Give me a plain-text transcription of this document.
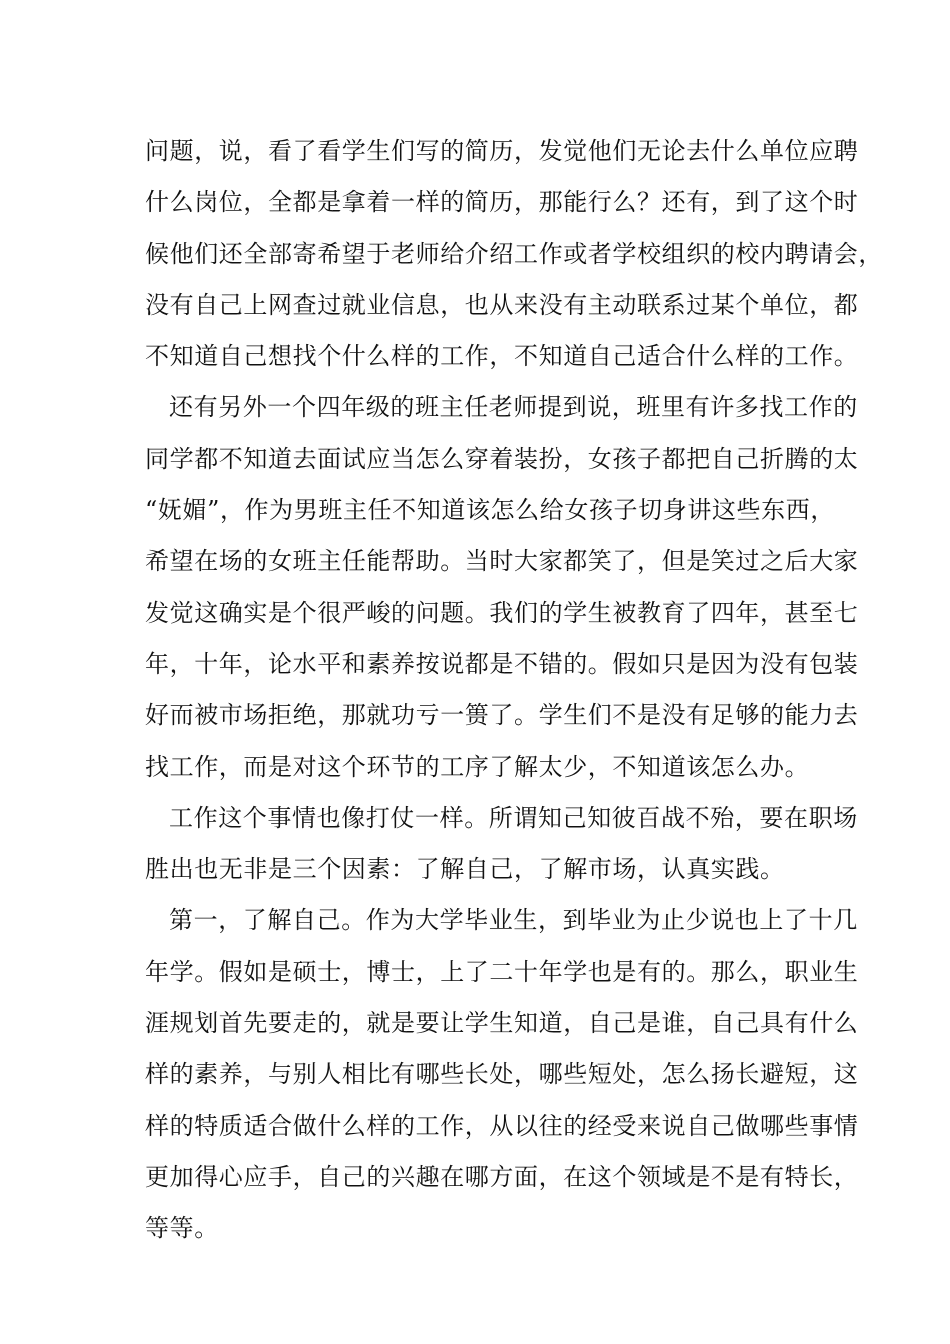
问题，说，看了看学生们写的简历，发觉他们无论去什么单位应聘
什么岗位，全都是拿着一样的简历，那能行么？还有，到了这个时
候他们还全部寄希望于老师给介绍工作或者学校组织的校内聘请会，
没有自己上网查过就业信息，也从来没有主动联系过某个单位，都
不知道自己想找个什么样的工作，不知道自己适合什么样的工作。
还有另外一个四年级的班主任老师提到说，班里有许多找工作的
同学都不知道去面试应当怎么穿着装扮，女孩子都把自己折腾的太
“妩媚”，作为男班主任不知道该怎么给女孩子切身讲这些东西，
希望在场的女班主任能帮助。当时大家都笑了，但是笑过之后大家
发觉这确实是个很严峻的问题。我们的学生被教育了四年，甚至七
年，十年，论水平和素养按说都是不错的。假如只是因为没有包装
好而被市场拒绝，那就功亏一篑了。学生们不是没有足够的能力去
找工作，而是对这个环节的工序了解太少，不知道该怎么办。
工作这个事情也像打仗一样。所谓知己知彼百战不殆，要在职场
胜出也无非是三个因素：了解自己，了解市场，认真实践。
第一，了解自己。作为大学毕业生，到毕业为止少说也上了十几
年学。假如是硕士，博士，上了二十年学也是有的。那么，职业生
涯规划首先要走的，就是要让学生知道，自己是谁，自己具有什么
样的素养，与别人相比有哪些长处，哪些短处，怎么扬长避短，这
样的特质适合做什么样的工作，从以往的经受来说自己做哪些事情
更加得心应手，自己的兴趣在哪方面，在这个领域是不是有特长，
等等。
